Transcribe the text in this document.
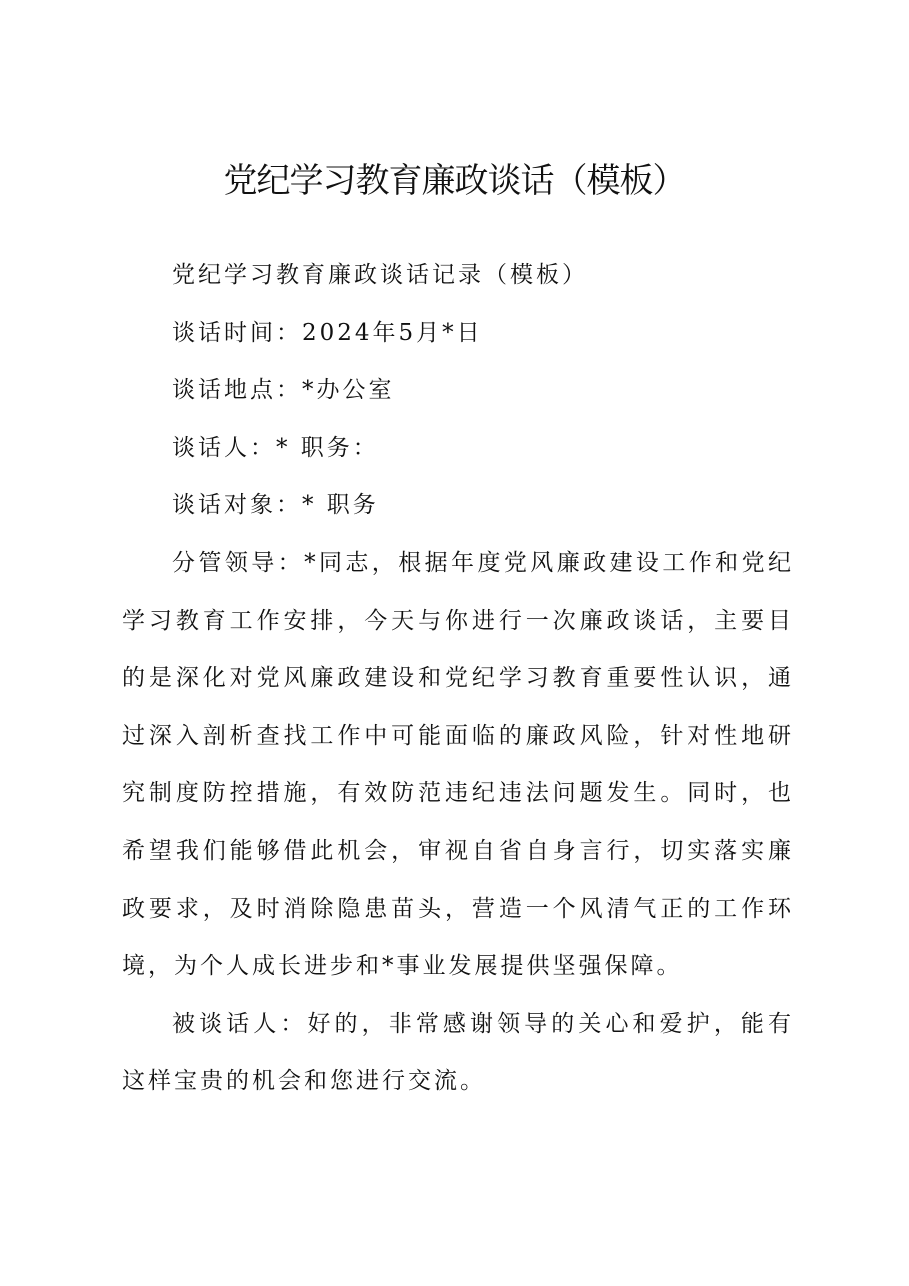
党纪学习教育廉政谈话（模板）

党纪学习教育廉政谈话记录（模板）

谈话时间：2024年5月*日

谈话地点：*办公室

谈话人：* 职务：

谈话对象：* 职务

分管领导：*同志，根据年度党风廉政建设工作和党纪学习教育工作安排，今天与你进行一次廉政谈话，主要目的是深化对党风廉政建设和党纪学习教育重要性认识，通过深入剖析查找工作中可能面临的廉政风险，针对性地研究制度防控措施，有效防范违纪违法问题发生。同时，也希望我们能够借此机会，审视自省自身言行，切实落实廉政要求，及时消除隐患苗头，营造一个风清气正的工作环境，为个人成长进步和*事业发展提供坚强保障。

被谈话人：好的，非常感谢领导的关心和爱护，能有这样宝贵的机会和您进行交流。
